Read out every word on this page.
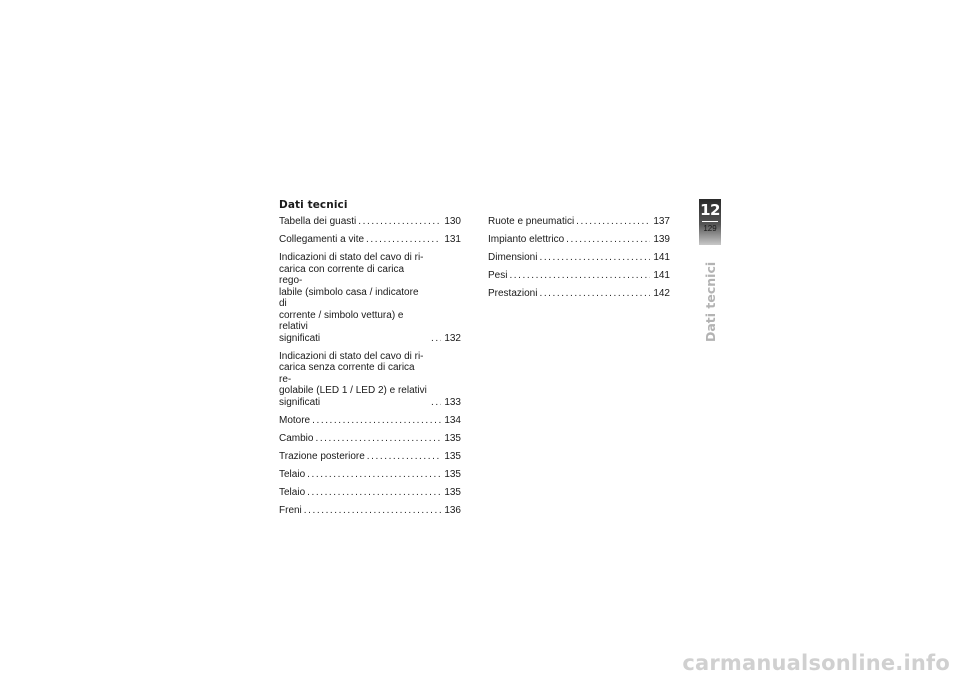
Dati tecnici
Tabella dei guasti . . .	130
Collegamenti a vite . . .	131
Indicazioni di stato del cavo di ri-
carica con corrente di carica rego-
labile (simbolo casa / indicatore di
corrente / simbolo vettura) e relativi
significati . . .	132
Indicazioni di stato del cavo di ri-
carica senza corrente di carica re-
golabile (LED 1 / LED 2) e relativi
significati . . .	133
Motore . . .	134
Cambio . . .	135
Trazione posteriore . . .	135
Telaio . . .	135
Telaio . . .	135
Freni . . .	136
Ruote e pneumatici . . .	137
Impianto elettrico . . .	139
Dimensioni . . .	141
Pesi . . .	141
Prestazioni . . .	142
12
129
Dati tecnici
carmanualsonline.info
